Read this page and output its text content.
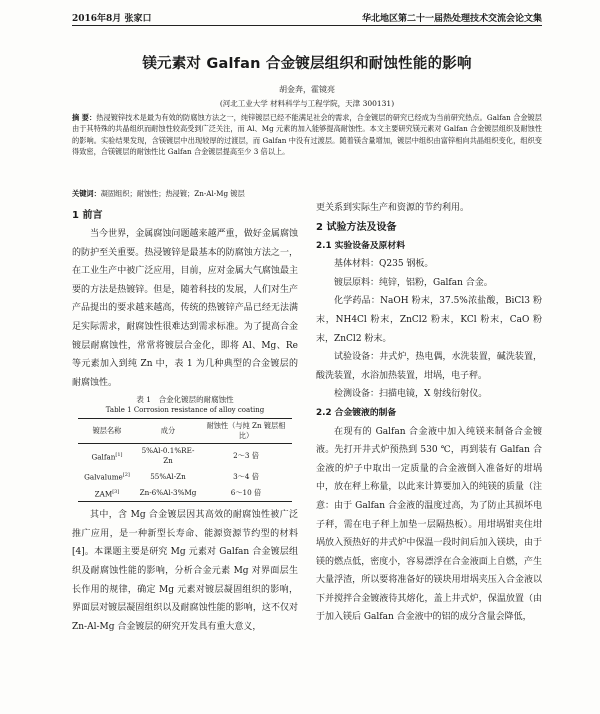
2016年8月 张家口	华北地区第二十一届热处理技术交流会论文集
镁元素对 Galfan 合金镀层组织和耐蚀性能的影响
胡金奔，霍镜亮
(河北工业大学 材料科学与工程学院，天津 300131)
摘 要：热浸镀锌技术是最为有效的防腐蚀方法之一，纯锌镀层已经不能满足社会的需求，合金镀层的研究已经成为当前研究热点。Galfan 合金镀层由于其特殊的共晶组织而耐蚀性较高受到广泛关注，而 Al、Mg 元素的加入能够提高耐蚀性。本文主要研究镁元素对 Galfan 合金镀层组织及耐蚀性的影响。实验结果发现，含镁镀层中出现较厚的过渡层，而 Galfan 中没有过渡层。随着镁含量增加，镀层中组织由富锌相向共晶组织变化，组织变得致密，合镁镀层的耐蚀性比 Galfan 合金镀层提高至少 3 倍以上。
关键词：凝固组织；耐蚀性；热浸镀；Zn-Al-Mg 镀层
1 前言

当今世界，金属腐蚀问题越来越严重，做好金属腐蚀的防护至关重要。热浸镀锌是最基本的防腐蚀方法之一，在工业生产中被广泛应用，目前，应对金属大气腐蚀最主要的方法是热镀锌。但是，随着科技的发展，人们对生产产品提出的要求越来越高，传统的热镀锌产品已经无法满足实际需求，耐腐蚀性很难达到需求标准。为了提高合金镀层耐腐蚀性，常常将镀层合金化，即将 Al、Mg、Re 等元素加入到纯 Zn 中，表 1 为几种典型的合金镀层的耐腐蚀性。

表 1　合金化镀层的耐腐蚀性
Table 1 Corrosion resistance of alloy coating
镀层名称	成分	耐蚀性（与纯 Zn 镀层相比）
Galfan[1]	5%Al-0.1%RE-Zn	2～3 倍
Galvalume[2]	55%Al-Zn	3～4 倍
ZAM[3]	Zn-6%Al-3%Mg	6～10 倍

其中，含 Mg 合金镀层因其高效的耐腐蚀性被广泛推广应用，是一种新型长寿命、能源资源节约型的材料[4]。本课题主要是研究 Mg 元素对 Galfan 合金镀层组织及耐腐蚀性能的影响，分析合金元素 Mg 对界面层生长作用的规律，确定 Mg 元素对镀层凝固组织的影响，界面层对镀层凝固组织以及耐腐蚀性能的影响，这不仅对 Zn-Al-Mg 合金镀层的研究开发具有重大意义，

更关系到实际生产和资源的节约利用。

2 试验方法及设备
2.1 实验设备及原材料

基体材料：Q235 钢板。

镀层原料：纯锌，铝粉，Galfan 合金。

化学药品：NaOH 粉末，37.5%浓盐酸，BiCl3 粉末，NH4Cl 粉末，ZnCl2 粉末，KCl 粉末，CaO 粉末，ZnCl2 粉末。

试验设备：井式炉，热电偶，水洗装置，碱洗装置，酸洗装置，水浴加热装置，坩埚，电子秤。

检测设备：扫描电镜，X 射线衍射仪。

2.2 合金镀液的制备

在现有的 Galfan 合金液中加入纯镁来制备合金镀液。先打开井式炉预热到 530 ℃，再到装有 Galfan 合金液的炉子中取出一定质量的合金液倒入准备好的坩埚中，放在秤上称量，以此来计算要加入的纯镁的质量（注意：由于 Galfan 合金液的温度过高，为了防止其损坏电子秤，需在电子秤上加垫一层隔热板）。用坩埚钳夹住坩埚放入预热好的井式炉中保温一段时间后加入镁块，由于镁的燃点低，密度小，容易漂浮在合金液面上自燃，产生大量浮渣，所以要将准备好的镁块用坩埚夹压入合金液以下并搅拌合金镀液待其熔化，盖上井式炉，保温放置（由于加入镁后 Galfan 合金液中的铝的成分含量会降低，
